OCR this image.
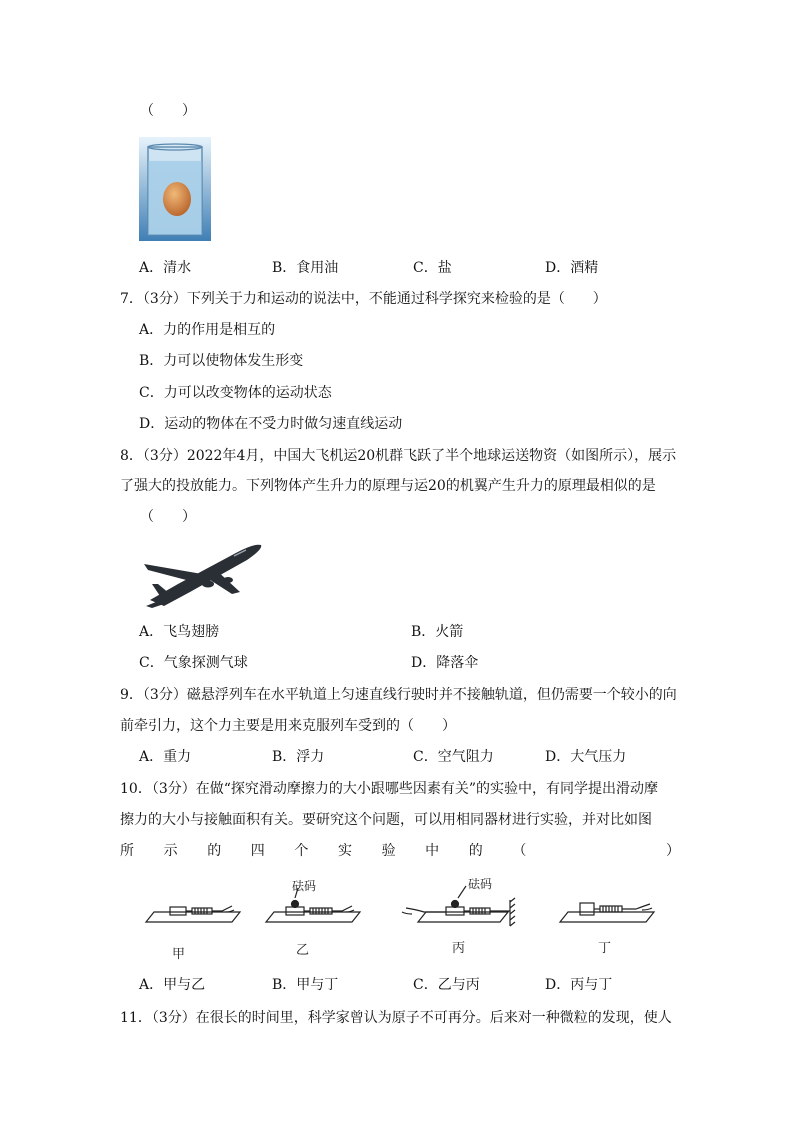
（　　）
A．清水	B．食用油	C．盐	D．酒精
7．（3分）下列关于力和运动的说法中，不能通过科学探究来检验的是（　　）
A．力的作用是相互的
B．力可以使物体发生形变
C．力可以改变物体的运动状态
D．运动的物体在不受力时做匀速直线运动
8．（3分）2022年4月，中国大飞机运20机群飞跃了半个地球运送物资（如图所示），展示
了强大的投放能力。下列物体产生升力的原理与运20的机翼产生升力的原理最相似的是
（　　）
A．飞鸟翅膀	B．火箭
C．气象探测气球	D．降落伞
9．（3分）磁悬浮列车在水平轨道上匀速直线行驶时并不接触轨道，但仍需要一个较小的向
前牵引力，这个力主要是用来克服列车受到的（　　）
A．重力	B．浮力	C．空气阻力	D．大气压力
10．（3分）在做“探究滑动摩擦力的大小跟哪些因素有关”的实验中，有同学提出滑动摩
擦力的大小与接触面积有关。要研究这个问题，可以用相同器材进行实验，并对比如图
所 示 的 四 个 实 验 中 的 （	）
砝码	砝码
甲	乙	丙	丁
A．甲与乙	B．甲与丁	C．乙与丙	D．丙与丁
11．（3分）在很长的时间里，科学家曾认为原子不可再分。后来对一种微粒的发现，使人
